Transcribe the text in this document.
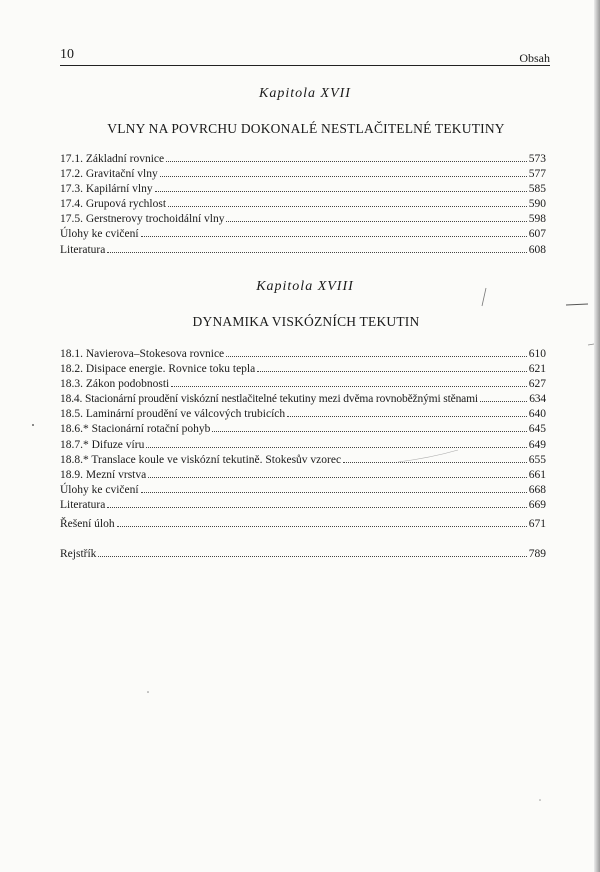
10	Obsah
Kapitola XVII
VLNY NA POVRCHU DOKONALÉ NESTLAČITELNÉ TEKUTINY
17.1. Základní rovnice	573
17.2. Gravitační vlny	577
17.3. Kapilární vlny	585
17.4. Grupová rychlost	590
17.5. Gerstnerovy trochoidální vlny	598
Úlohy ke cvičení	607
Literatura	608
Kapitola XVIII
DYNAMIKA VISKÓZNÍCH TEKUTIN
18.1. Navierova–Stokesova rovnice	610
18.2. Disipace energie. Rovnice toku tepla	621
18.3. Zákon podobnosti	627
18.4. Stacionární proudění viskózní nestlačitelné tekutiny mezi dvěma rovnoběžnými stěnami	634
18.5. Laminární proudění ve válcových trubicích	640
18.6.* Stacionární rotační pohyb	645
18.7.* Difuze víru	649
18.8.* Translace koule ve viskózní tekutině. Stokesův vzorec	655
18.9. Mezní vrstva	661
Úlohy ke cvičení	668
Literatura	669
Řešení úloh	671
Rejstřík	789
